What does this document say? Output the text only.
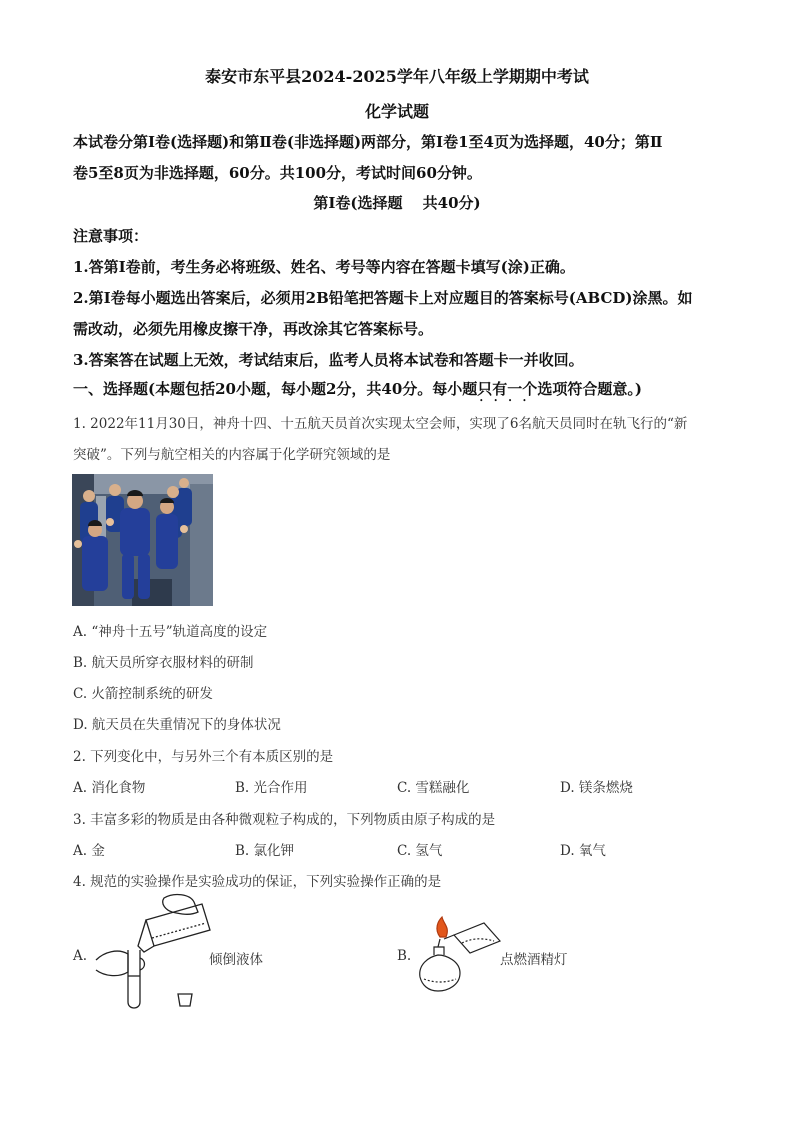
泰安市东平县2024-2025学年八年级上学期期中考试
化学试题
本试卷分第Ⅰ卷(选择题)和第Ⅱ卷(非选择题)两部分，第Ⅰ卷1至4页为选择题，40分；第Ⅱ
卷5至8页为非选择题，60分。共100分，考试时间60分钟。
第Ⅰ卷(选择题　 共40分)
注意事项：
1.答第Ⅰ卷前，考生务必将班级、姓名、考号等内容在答题卡填写(涂)正确。
2.第Ⅰ卷每小题选出答案后，必须用2B铅笔把答题卡上对应题目的答案标号(ABCD)涂黑。如
需改动，必须先用橡皮擦干净，再改涂其它答案标号。
3.答案答在试题上无效，考试结束后，监考人员将本试卷和答题卡一并收回。
一、选择题(本题包括20小题，每小题2分，共40分。每小题只有一个 • • • •选项符合题意。)
1. 2022年11月30日，神舟十四、十五航天员首次实现太空会师，实现了6名航天员同时在轨飞行的“新
突破”。下列与航空相关的内容属于化学研究领域的是
A. “神舟十五号”轨道高度的设定
B. 航天员所穿衣服材料的研制
C. 火箭控制系统的研发
D. 航天员在失重情况下的身体状况
2. 下列变化中，与另外三个有本质区别的是
A. 消化食物	B. 光合作用	C. 雪糕融化	D. 镁条燃烧
3. 丰富多彩的物质是由各种微观粒子构成的，下列物质由原子构成的是
A. 金	B. 氯化钾	C. 氢气	D. 氧气
4. 规范的实验操作是实验成功的保证，下列实验操作正确的是
A.	倾倒液体	B.	点燃酒精灯
